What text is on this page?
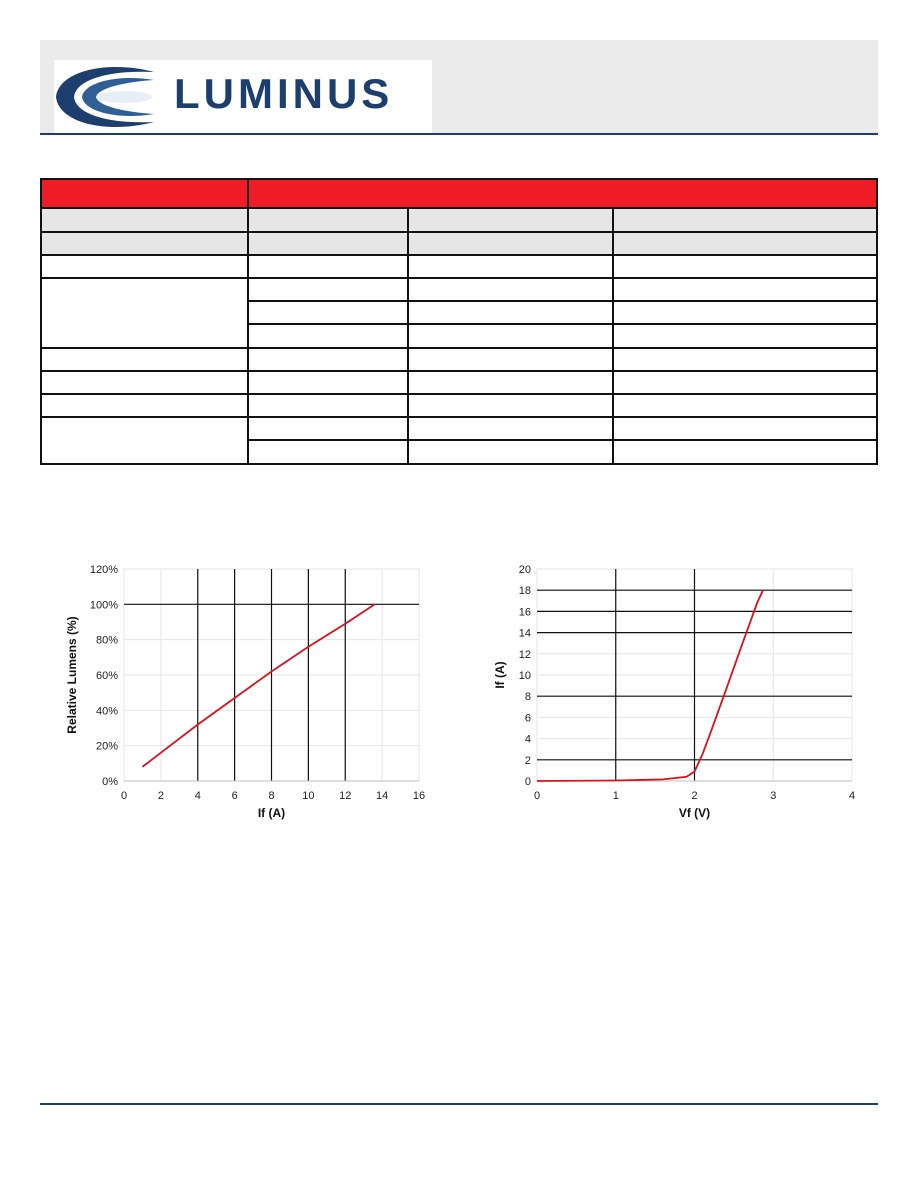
LUMINUS
0	2	4	6	8	10 12 14 16
0%
20%
40%
60%
80%
100%
120%
If (A)
Relative Lumens (%)
0	1	2	3	4
0
2
4
6
8
10
12
14
16
18
20
Vf (V)
If (A)
